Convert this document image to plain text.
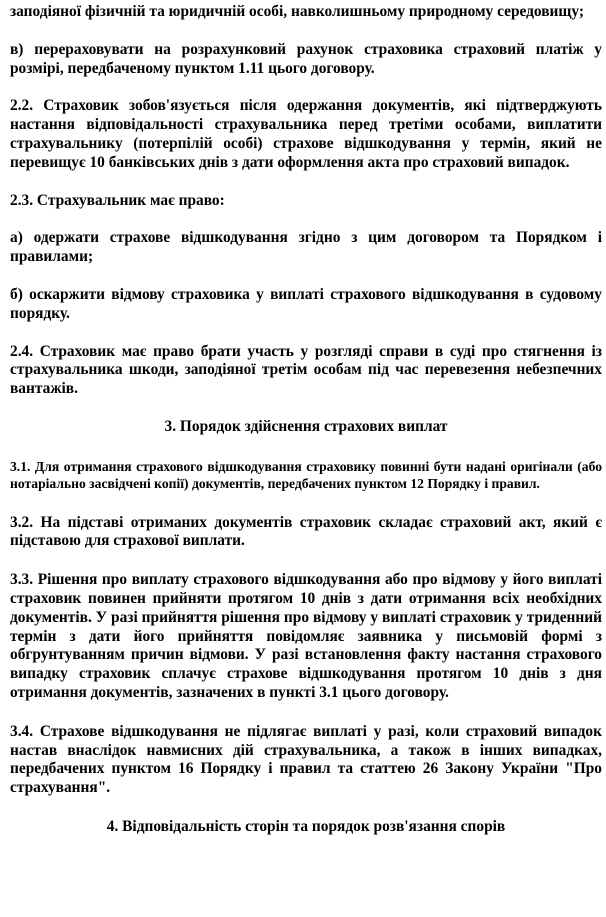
заподіяної фізичній та юридичній особі, навколишньому природному середовищу;

в) перераховувати на розрахунковий рахунок страховика страховий платіж у розмірі, передбаченому пунктом 1.11 цього договору.

2.2. Страховик зобов'язується після одержання документів, які підтверджують настання відповідальності страхувальника перед третіми особами, виплатити страхувальнику (потерпілій особі) страхове відшкодування у термін, який не перевищує 10 банківських днів з дати оформлення акта про страховий випадок.

2.3. Страхувальник має право:

а) одержати страхове відшкодування згідно з цим договором та Порядком і правилами;

б) оскаржити відмову страховика у виплаті страхового відшкодування в судовому порядку.

2.4. Страховик має право брати участь у розгляді справи в суді про стягнення із страхувальника шкоди, заподіяної третім особам під час перевезення небезпечних вантажів.

3. Порядок здійснення страхових виплат

3.1. Для отримання страхового відшкодування страховику повинні бути надані оригінали (або нотаріально засвідчені копії) документів, передбачених пунктом 12 Порядку і правил.

3.2. На підставі отриманих документів страховик складає страховий акт, який є підставою для страхової виплати.

3.3. Рішення про виплату страхового відшкодування або про відмову у його виплаті страховик повинен прийняти протягом 10 днів з дати отримання всіх необхідних документів. У разі прийняття рішення про відмову у виплаті страховик у триденний термін з дати його прийняття повідомляє заявника у письмовій формі з обгрунтуванням причин відмови. У разі встановлення факту настання страхового випадку страховик сплачує страхове відшкодування протягом 10 днів з дня отримання документів, зазначених в пункті 3.1 цього договору.

3.4. Страхове відшкодування не підлягає виплаті у разі, коли страховий випадок настав внаслідок навмисних дій страхувальника, а також в інших випадках, передбачених пунктом 16 Порядку і правил та статтею 26 Закону України "Про страхування".

4. Відповідальність сторін та порядок розв'язання спорів
